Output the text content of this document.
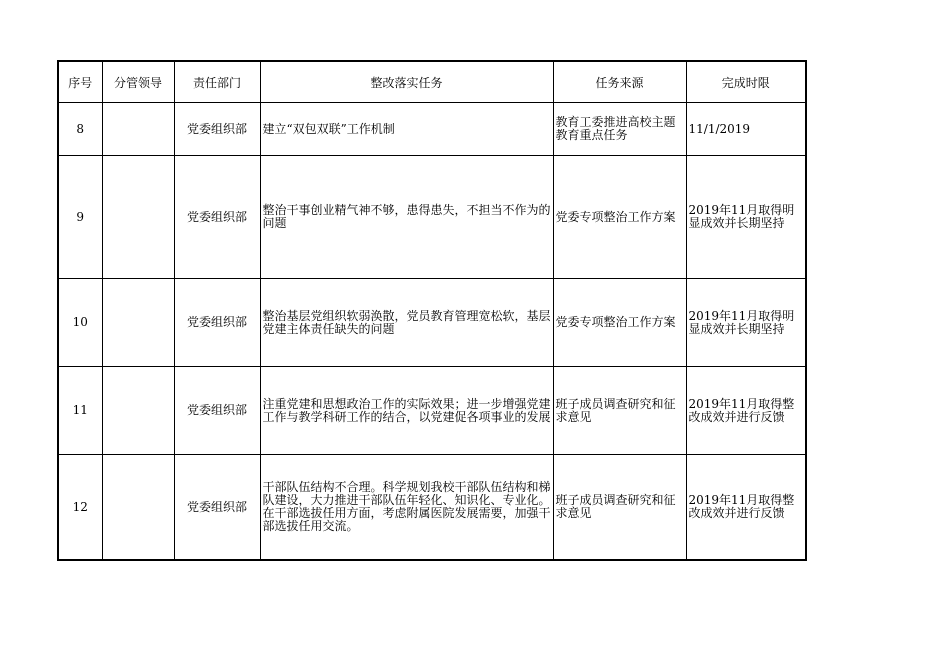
序号	分管领导	责任部门	整改落实任务	任务来源	完成时限
8		党委组织部	建立“双包双联”工作机制	教育工委推进高校主题教育重点任务	11/1/2019
9		党委组织部	整治干事创业精气神不够，患得患失，不担当不作为的问题	党委专项整治工作方案	2019年11月取得明显成效并长期坚持
10		党委组织部	整治基层党组织软弱涣散，党员教育管理宽松软，基层党建主体责任缺失的问题	党委专项整治工作方案	2019年11月取得明显成效并长期坚持
11		党委组织部	注重党建和思想政治工作的实际效果；进一步增强党建工作与教学科研工作的结合，以党建促各项事业的发展	班子成员调查研究和征求意见	2019年11月取得整改成效并进行反馈
12		党委组织部	干部队伍结构不合理。科学规划我校干部队伍结构和梯队建设，大力推进干部队伍年轻化、知识化、专业化。在干部选拔任用方面，考虑附属医院发展需要，加强干部选拔任用交流。	班子成员调查研究和征求意见	2019年11月取得整改成效并进行反馈
